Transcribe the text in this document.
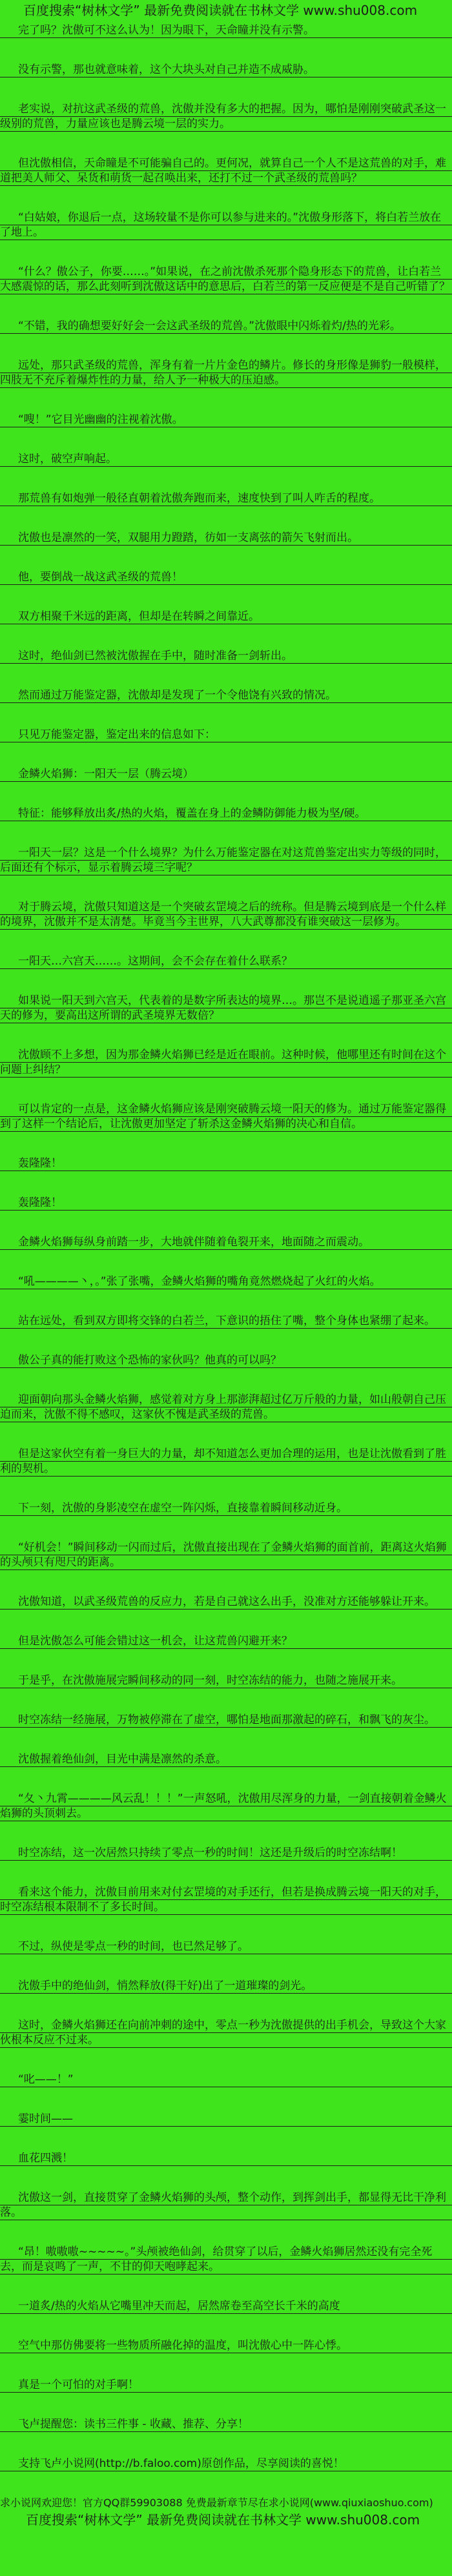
百度搜索“树林文学” 最新免费阅读就在书林文学 www.shu008.com

完了吗？沈傲可不这么认为！因为眼下，天命瞳并没有示警。

没有示警，那也就意味着，这个大块头对自己并造不成威胁。

老实说，对抗这武圣级的荒兽，沈傲并没有多大的把握。因为，哪怕是刚刚突破武圣这一级别的荒兽，力量应该也是腾云境一层的实力。

但沈傲相信，天命瞳是不可能骗自己的。更何况，就算自己一个人不是这荒兽的对手，难道把美人师父、呆货和萌货一起召唤出来，还打不过一个武圣级的荒兽吗？

“白姑娘，你退后一点，这场较量不是你可以参与进来的。”沈傲身形落下，将白若兰放在了地上。

“什么？傲公子，你要……。”如果说，在之前沈傲杀死那个隐身形态下的荒兽，让白若兰大感震惊的话，那么此刻听到沈傲这话中的意思后，白若兰的第一反应便是不是自己听错了？

“不错，我的确想要好好会一会这武圣级的荒兽。”沈傲眼中闪烁着灼/热的光彩。

远处，那只武圣级的荒兽，浑身有着一片片金色的鳞片。修长的身形像是狮豹一般模样，四肢无不充斥着爆炸性的力量，给人予一种极大的压迫感。

“嗖！”它目光幽幽的注视着沈傲。

这时，破空声响起。

那荒兽有如炮弹一般径直朝着沈傲奔跑而来，速度快到了叫人咋舌的程度。

沈傲也是凛然的一笑，双腿用力蹬踏，彷如一支离弦的箭矢飞射而出。

他，要倒战一战这武圣级的荒兽！

双方相聚千米远的距离，但却是在转瞬之间靠近。

这时，绝仙剑已然被沈傲握在手中，随时准备一剑斩出。

然而通过万能鉴定器，沈傲却是发现了一个令他饶有兴致的情况。

只见万能鉴定器，鉴定出来的信息如下：

金鳞火焰狮：一阳天一层（腾云境）

特征：能够释放出炙/热的火焰，覆盖在身上的金鳞防御能力极为坚/硬。

一阳天一层？这是一个什么境界？为什么万能鉴定器在对这荒兽鉴定出实力等级的同时，后面还有个标示，显示着腾云境三字呢？

对于腾云境，沈傲只知道这是一个突破玄罡境之后的统称。但是腾云境到底是一个什么样的境界，沈傲并不是太清楚。毕竟当今主世界，八大武尊都没有谁突破这一层修为。

一阳天…六宫天……。这期间，会不会存在着什么联系？

如果说一阳天到六宫天，代表着的是数字所表达的境界…。那岂不是说逍遥子那亚圣六宫天的修为，要高出这所谓的武圣境界无数倍？

沈傲顾不上多想，因为那金鳞火焰狮已经是近在眼前。这种时候，他哪里还有时间在这个问题上纠结？

可以肯定的一点是，这金鳞火焰狮应该是刚突破腾云境一阳天的修为。通过万能鉴定器得到了这样一个结论后，让沈傲更加坚定了斩杀这金鳞火焰狮的决心和自信。

轰隆隆！

轰隆隆！

金鳞火焰狮每纵身前踏一步，大地就伴随着龟裂开来，地面随之而震动。

“吼————丶，。”张了张嘴，金鳞火焰狮的嘴角竟然燃烧起了火红的火焰。

站在远处，看到双方即将交锋的白若兰，下意识的捂住了嘴，整个身体也紧绷了起来。

傲公子真的能打败这个恐怖的家伙吗？他真的可以吗？

迎面朝向那头金鳞火焰狮，感觉着对方身上那澎湃超过亿万斤般的力量，如山般朝自己压迫而来，沈傲不得不感叹，这家伙不愧是武圣级的荒兽。

但是这家伙空有着一身巨大的力量，却不知道怎么更加合理的运用，也是让沈傲看到了胜利的契机。

下一刻，沈傲的身影凌空在虚空一阵闪烁，直接靠着瞬间移动近身。

“好机会！”瞬间移动一闪而过后，沈傲直接出现在了金鳞火焰狮的面首前，距离这火焰狮的头颅只有咫尺的距离。

沈傲知道，以武圣级荒兽的反应力，若是自己就这么出手，没准对方还能够躲让开来。

但是沈傲怎么可能会错过这一机会，让这荒兽闪避开来？

于是乎，在沈傲施展完瞬间移动的同一刻，时空冻结的能力，也随之施展开来。

时空冻结一经施展，万物被停滞在了虚空，哪怕是地面那激起的碎石，和飘飞的灰尘。

沈傲握着绝仙剑，目光中满是凛然的杀意。

“夂丶九霄————风云乱！！！”一声怒吼，沈傲用尽浑身的力量，一剑直接朝着金鳞火焰狮的头顶刺去。

时空冻结，这一次居然只持续了零点一秒的时间！这还是升级后的时空冻结啊！

看来这个能力，沈傲目前用来对付玄罡境的对手还行，但若是换成腾云境一阳天的对手，时空冻结根本限制不了多长时间。

不过，纵使是零点一秒的时间，也已然足够了。

沈傲手中的绝仙剑，悄然释放(得干好)出了一道璀璨的剑光。

这时，金鳞火焰狮还在向前冲刺的途中，零点一秒为沈傲提供的出手机会，导致这个大家伙根本反应不过来。

“叱——！”

霎时间——

血花四溅！

沈傲这一剑，直接贯穿了金鳞火焰狮的头颅，整个动作，到挥剑出手，都显得无比干净利落。

“昂！嗷嗷嗷~~~~~。”头颅被绝仙剑，给贯穿了以后，金鳞火焰狮居然还没有完全死去，而是哀鸣了一声，不甘的仰天咆哮起来。

一道炙/热的火焰从它嘴里冲天而起，居然席卷至高空长千米的高度

空气中那仿佛要将一些物质所融化掉的温度，叫沈傲心中一阵心悸。

真是一个可怕的对手啊！

飞卢提醒您：读书三件事 - 收藏、推荐、分享！

支持飞卢小说网(http://b.faloo.com)原创作品，尽享阅读的喜悦！

求小说网欢迎您！官方QQ群59903088 免费最新章节尽在求小说网(www.qiuxiaoshuo.com)

百度搜索“树林文学” 最新免费阅读就在书林文学 www.shu008.com
